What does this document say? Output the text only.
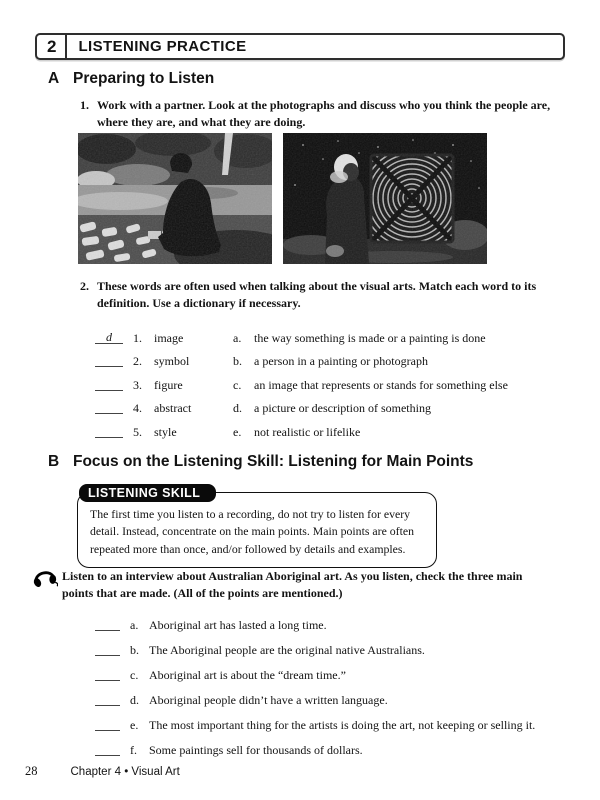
2	LISTENING PRACTICE
A Preparing to Listen
1. Work with a partner. Look at the photographs and discuss who you think the people are, where they are, and what they are doing.
2. These words are often used when talking about the visual arts. Match each word to its definition. Use a dictionary if necessary.
d	1.	image	a.	the way something is made or a painting is done
2.	symbol	b.	a person in a painting or photograph
3.	figure	c.	an image that represents or stands for something else
4.	abstract	d.	a picture or description of something
5.	style	e.	not realistic or lifelike
B Focus on the Listening Skill: Listening for Main Points
LISTENING SKILL

The first time you listen to a recording, do not try to listen for every detail. Instead, concentrate on the main points. Main points are often repeated more than once, and/or followed by details and examples.

Listen to an interview about Australian Aboriginal art. As you listen, check the three main points that are made. (All of the points are mentioned.)
a. Aboriginal art has lasted a long time.
b. The Aboriginal people are the original native Australians.
c. Aboriginal art is about the “dream time.”
d. Aboriginal people didn’t have a written language.
e. The most important thing for the artists is doing the art, not keeping or selling it.
f.	Some paintings sell for thousands of dollars.
28	Chapter 4 • Visual Art
